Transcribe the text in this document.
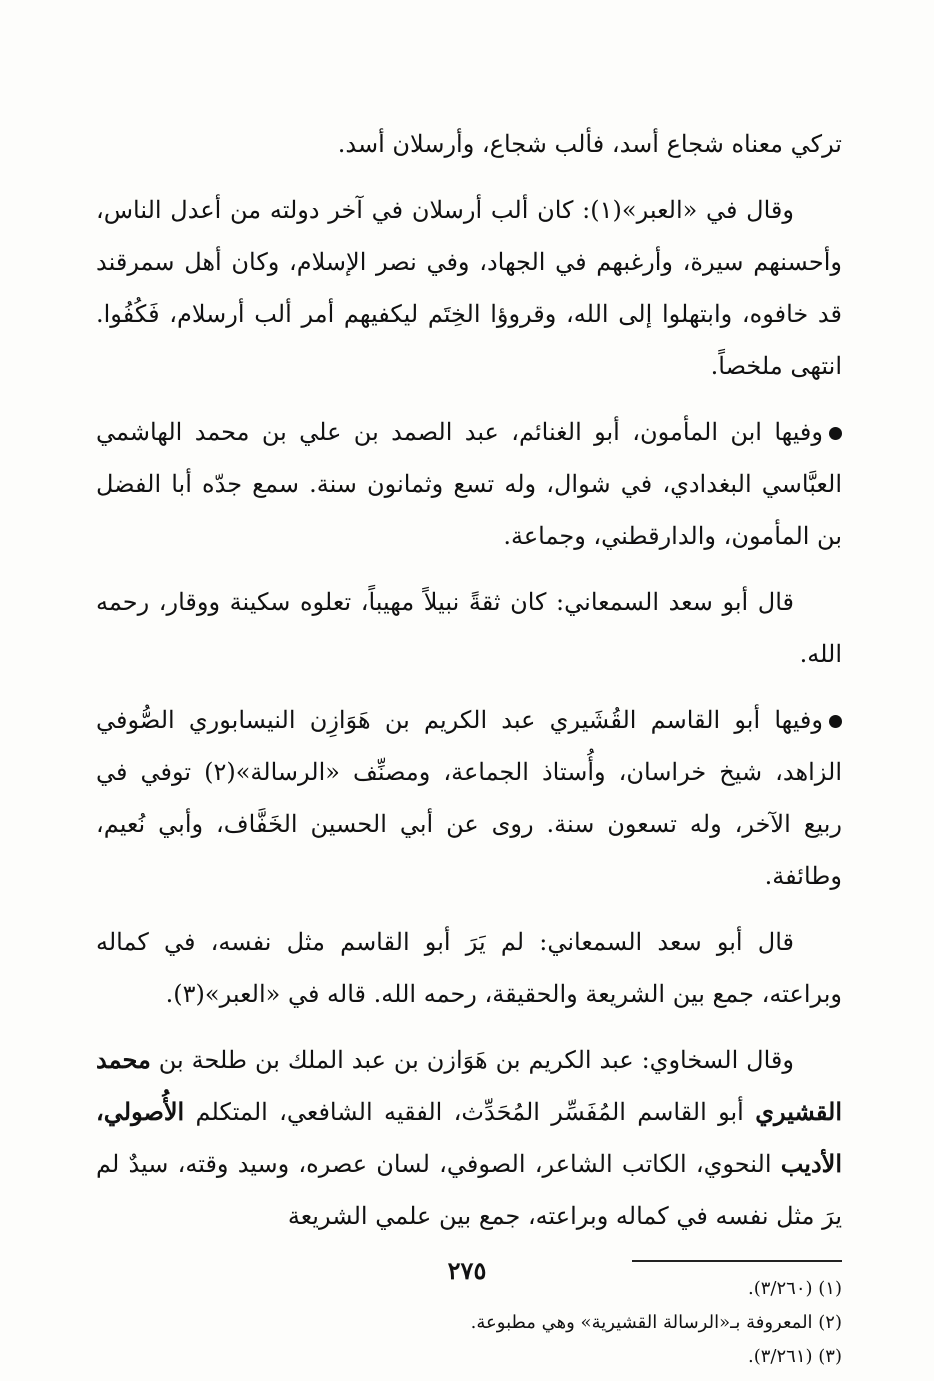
تركي معناه شجاع أسد، فألب شجاع، وأرسلان أسد.

وقال في «العبر»(١): كان ألب أرسلان في آخر دولته من أعدل الناس، وأحسنهم سيرة، وأرغبهم في الجهاد، وفي نصر الإسلام، وكان أهل سمرقند قد خافوه، وابتهلوا إلى الله، وقروؤا الخِتَم ليكفيهم أمر ألب أرسلام، فَكُفُوا. انتهى ملخصاً.

وفيها ابن المأمون، أبو الغنائم، عبد الصمد بن علي بن محمد الهاشمي العبَّاسي البغدادي، في شوال، وله تسع وثمانون سنة. سمع جدّه أبا الفضل بن المأمون، والدارقطني، وجماعة.

قال أبو سعد السمعاني: كان ثقةً نبيلاً مهيباً، تعلوه سكينة ووقار، رحمه الله.

وفيها أبو القاسم القُشَيري عبد الكريم بن هَوَازِن النيسابوري الصُّوفي الزاهد، شيخ خراسان، وأُستاذ الجماعة، ومصنِّف «الرسالة»(٢) توفي في ربيع الآخر، وله تسعون سنة. روى عن أبي الحسين الخَفَّاف، وأبي نُعيم، وطائفة.

قال أبو سعد السمعاني: لم يَرَ أبو القاسم مثل نفسه، في كماله وبراعته، جمع بين الشريعة والحقيقة، رحمه الله. قاله في «العبر»(٣).

وقال السخاوي: عبد الكريم بن هَوَازن بن عبد الملك بن طلحة بن محمد القشيري أبو القاسم المُفَسِّر المُحَدِّث، الفقيه الشافعي، المتكلم الأُصولي، الأديب النحوي، الكاتب الشاعر، الصوفي، لسان عصره، وسيد وقته، سيدٌ لم يرَ مثل نفسه في كماله وبراعته، جمع بين علمي الشريعة

(١) (٣/٢٦٠).

(٢) المعروفة بـ«الرسالة القشيرية» وهي مطبوعة.

(٣) (٣/٢٦١).

٢٧٥
